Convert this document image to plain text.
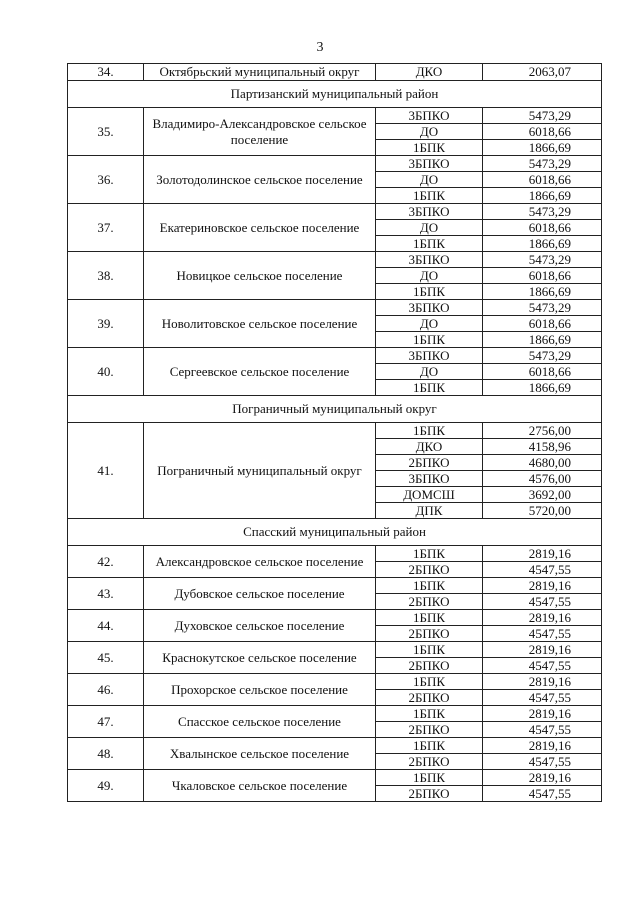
3
34.	Октябрьский муниципальный округ	ДКО	2063,07
Партизанский муниципальный район			
35.	Владимиро-Александровское сельское поселение	3БПКО	5473,29
		ДО	6018,66
		1БПК	1866,69
36.	Золотодолинское сельское поселение	3БПКО	5473,29
		ДО	6018,66
		1БПК	1866,69
37.	Екатериновское сельское поселение	3БПКО	5473,29
		ДО	6018,66
		1БПК	1866,69
38.	Новицкое сельское поселение	3БПКО	5473,29
		ДО	6018,66
		1БПК	1866,69
39.	Новолитовское сельское поселение	3БПКО	5473,29
		ДО	6018,66
		1БПК	1866,69
40.	Сергеевское сельское поселение	3БПКО	5473,29
		ДО	6018,66
		1БПК	1866,69
Пограничный муниципальный округ			
41.	Пограничный муниципальный округ	1БПК	2756,00
		ДКО	4158,96
		2БПКО	4680,00
		3БПКО	4576,00
		ДОМСШ	3692,00
		ДПК	5720,00
Спасский муниципальный район			
42.	Александровское сельское поселение	1БПК	2819,16
		2БПКО	4547,55
43.	Дубовское сельское поселение	1БПК	2819,16
		2БПКО	4547,55
44.	Духовское сельское поселение	1БПК	2819,16
		2БПКО	4547,55
45.	Краснокутское сельское поселение	1БПК	2819,16
		2БПКО	4547,55
46.	Прохорское сельское поселение	1БПК	2819,16
		2БПКО	4547,55
47.	Спасское сельское поселение	1БПК	2819,16
		2БПКО	4547,55
48.	Хвалынское сельское поселение	1БПК	2819,16
		2БПКО	4547,55
49.	Чкаловское сельское поселение	1БПК	2819,16
		2БПКО	4547,55
